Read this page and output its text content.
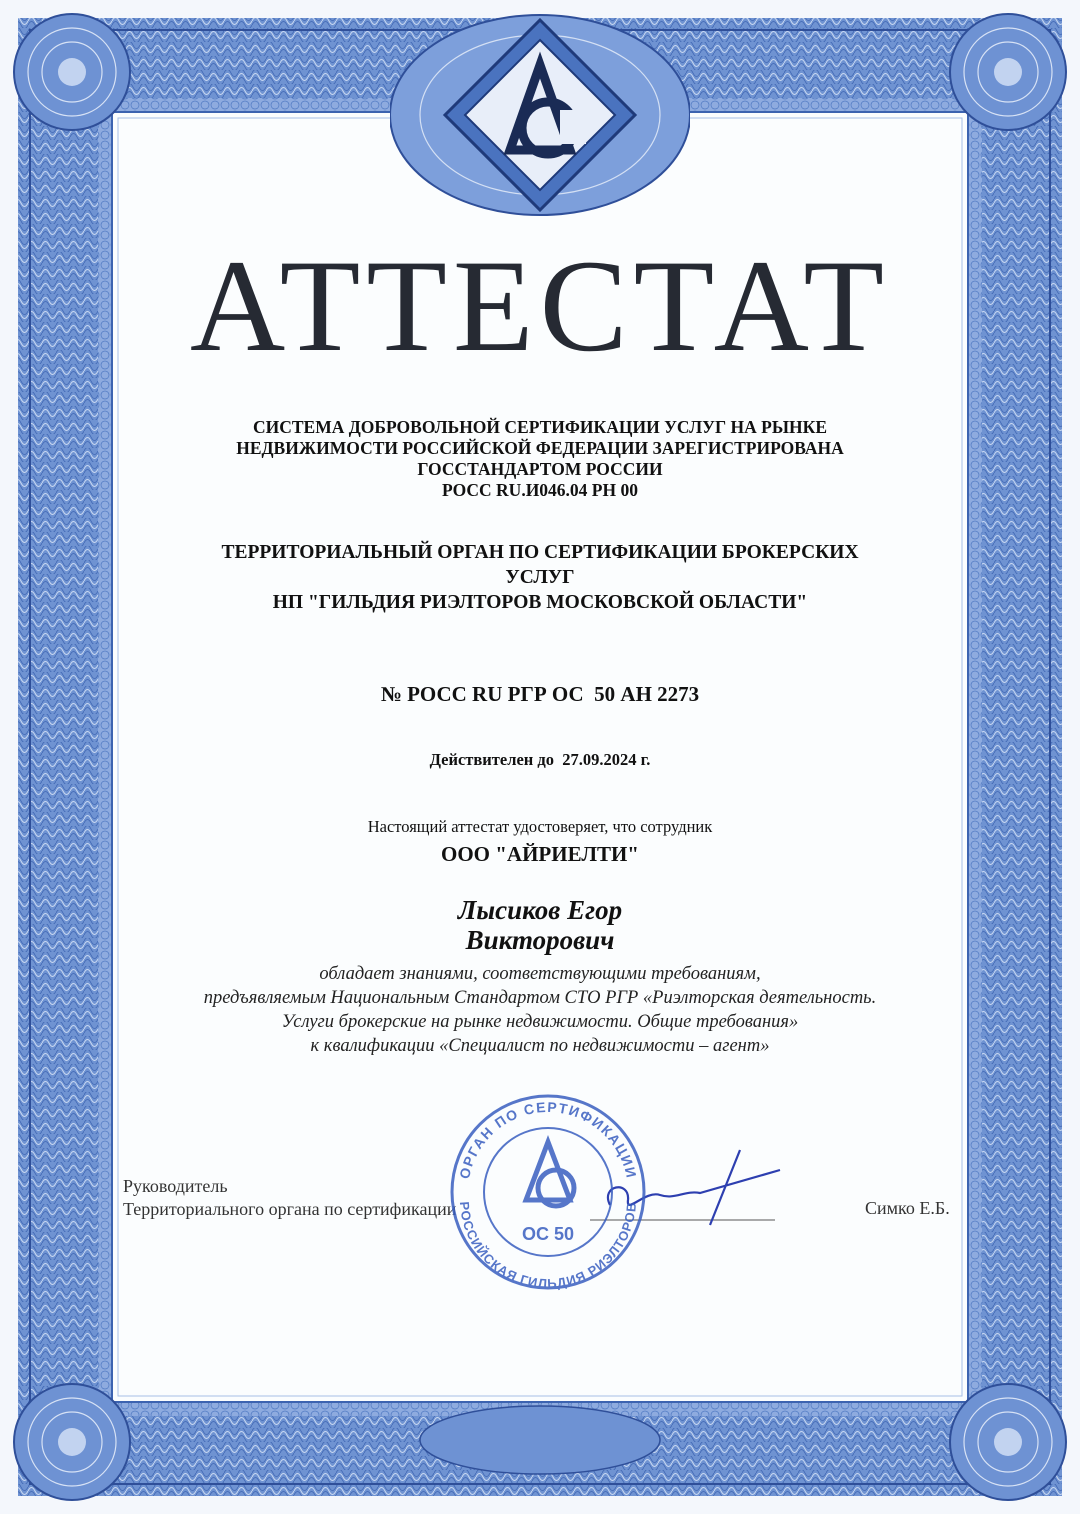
АТТЕСТАТ
СИСТЕМА ДОБРОВОЛЬНОЙ СЕРТИФИКАЦИИ УСЛУГ НА РЫНКЕ
НЕДВИЖИМОСТИ РОССИЙСКОЙ ФЕДЕРАЦИИ ЗАРЕГИСТРИРОВАНА
ГОССТАНДАРТОМ РОССИИ
РОСС RU.И046.04 РН 00
ТЕРРИТОРИАЛЬНЫЙ ОРГАН ПО СЕРТИФИКАЦИИ БРОКЕРСКИХ
УСЛУГ
НП "ГИЛЬДИЯ РИЭЛТОРОВ МОСКОВСКОЙ ОБЛАСТИ"
№ РОСС RU РГР ОС  50 АН 2273
Действителен до  27.09.2024 г.
Настоящий аттестат удостоверяет, что сотрудник
ООО "АЙРИЕЛТИ"
Лысиков Егор
Викторович
обладает знаниями, соответствующими требованиям,
предъявляемым Национальным Стандартом СТО РГР «Риэлторская деятельность.
Услуги брокерские на рынке недвижимости. Общие требования»
к квалификации «Специалист по недвижимости – агент»
Руководитель
Территориального органа по сертификации	Симко Е.Б.
ОРГАН ПО СЕРТИФИКАЦИИ
РОССИЙСКАЯ ГИЛЬДИЯ РИЭЛТОРОВ
ОС 50
